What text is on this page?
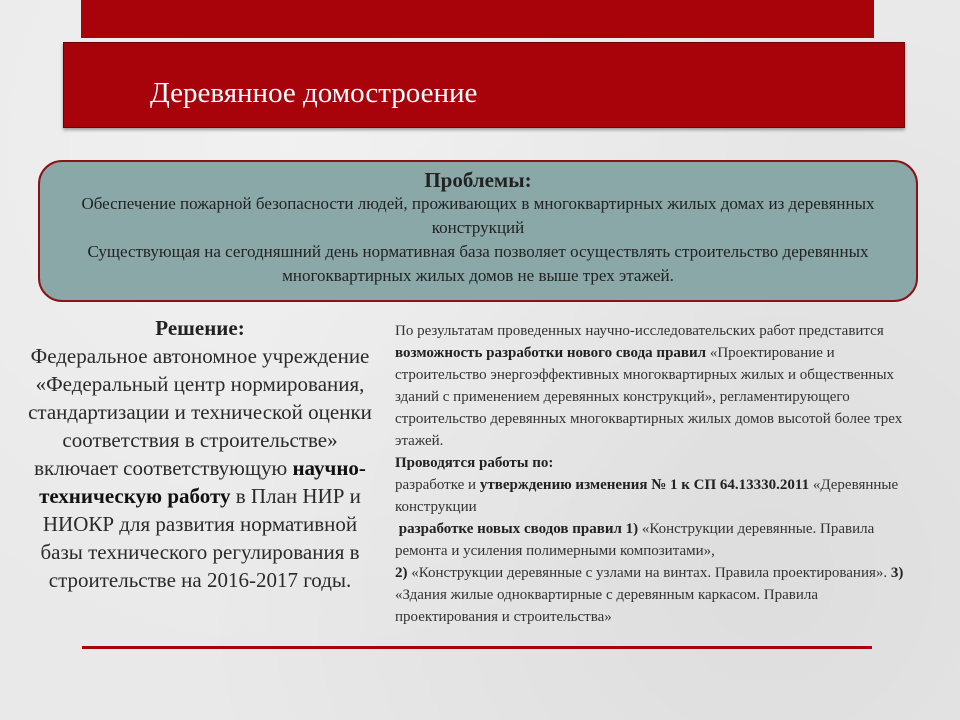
Деревянное домостроение
Проблемы:

Обеспечение пожарной безопасности людей, проживающих в многоквартирных жилых домах из деревянных конструкций

Существующая на сегодняшний день нормативная база позволяет осуществлять строительство деревянных многоквартирных жилых домов не выше трех этажей.

Решение:
Федеральное автономное учреждение «Федеральный центр нормирования, стандартизации и технической оценки соответствия в строительстве» включает соответствующую научно-техническую работу в План НИР и НИОКР для развития нормативной базы технического регулирования в строительстве на 2016-2017 годы.
По результатам проведенных научно-исследовательских работ представится возможность разработки нового свода правил «Проектирование и строительство энергоэффективных многоквартирных жилых и общественных зданий с применением деревянных конструкций», регламентирующего строительство деревянных многоквартирных жилых домов высотой более трех этажей.
Проводятся работы по:
разработке и утверждению изменения № 1 к СП 64.13330.2011 «Деревянные конструкции
разработке новых сводов правил 1) «Конструкции деревянные. Правила ремонта и усиления полимерными композитами»,
2) «Конструкции деревянные с узлами на винтах. Правила проектирования». 3) «Здания жилые одноквартирные с деревянным каркасом. Правила проектирования и строительства»
